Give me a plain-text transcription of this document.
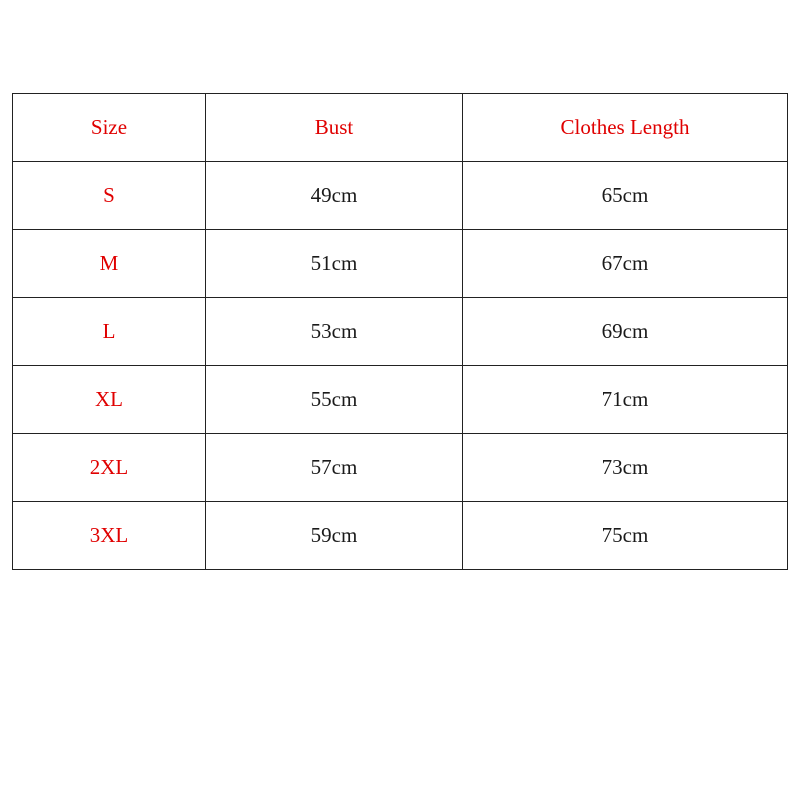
Size	Bust	Clothes Length
S	49cm	65cm
M	51cm	67cm
L	53cm	69cm
XL	55cm	71cm
2XL	57cm	73cm
3XL	59cm	75cm
